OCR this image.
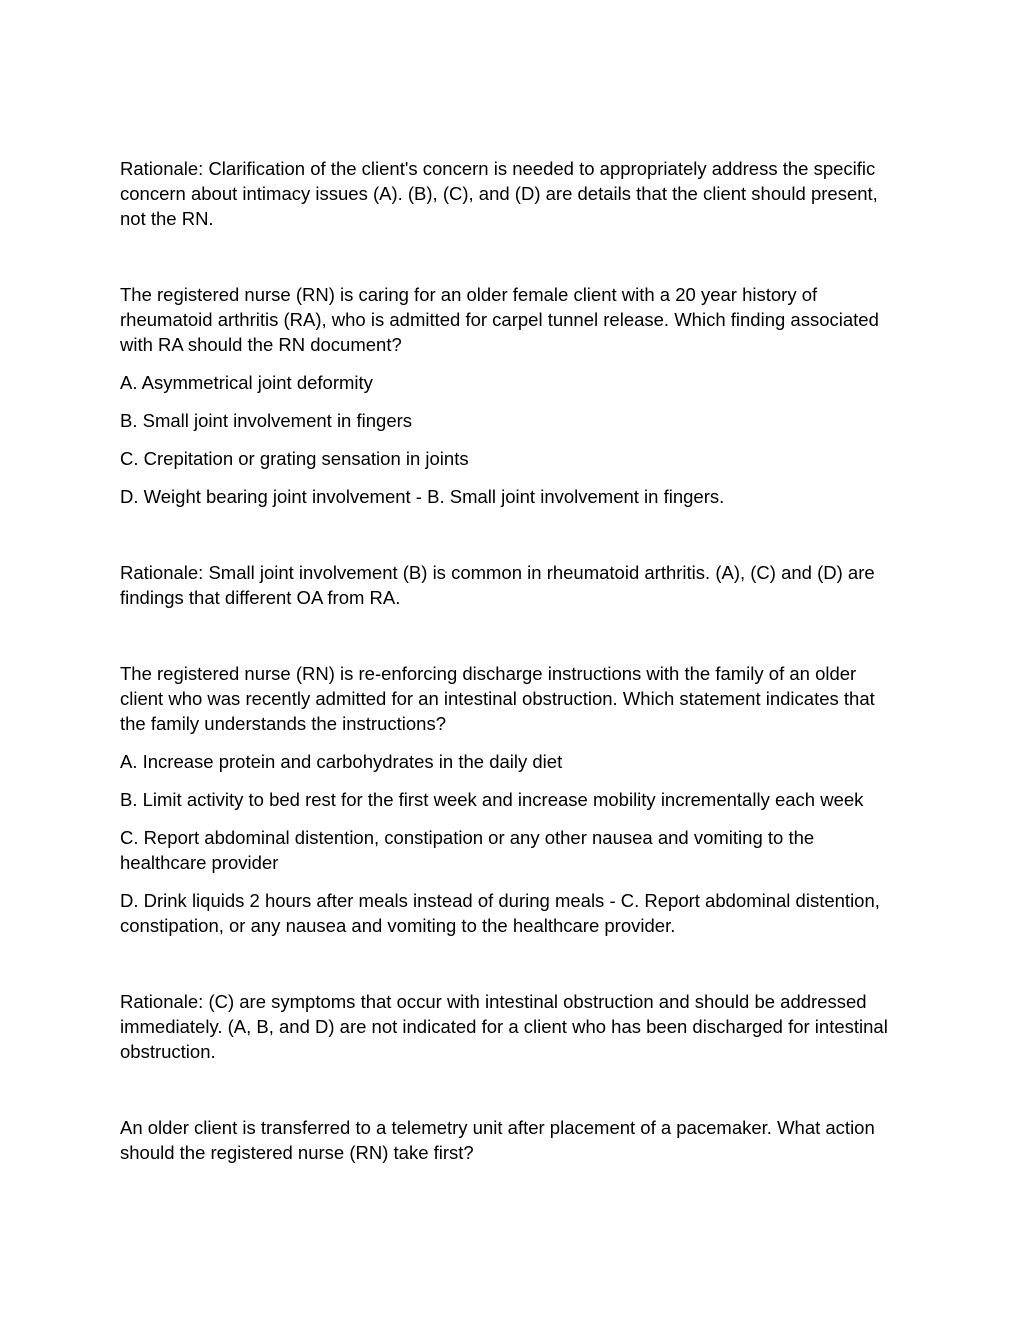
Rationale: Clarification of the client's concern is needed to appropriately address the specific concern about intimacy issues (A). (B), (C), and (D) are details that the client should present, not the RN.

The registered nurse (RN) is caring for an older female client with a 20 year history of rheumatoid arthritis (RA), who is admitted for carpel tunnel release. Which finding associated with RA should the RN document?

A. Asymmetrical joint deformity

B. Small joint involvement in fingers

C. Crepitation or grating sensation in joints

D. Weight bearing joint involvement - B. Small joint involvement in fingers.

Rationale: Small joint involvement (B) is common in rheumatoid arthritis. (A), (C) and (D) are findings that different OA from RA.

The registered nurse (RN) is re-enforcing discharge instructions with the family of an older client who was recently admitted for an intestinal obstruction. Which statement indicates that the family understands the instructions?

A. Increase protein and carbohydrates in the daily diet

B. Limit activity to bed rest for the first week and increase mobility incrementally each week

C. Report abdominal distention, constipation or any other nausea and vomiting to the healthcare provider

D. Drink liquids 2 hours after meals instead of during meals - C. Report abdominal distention, constipation, or any nausea and vomiting to the healthcare provider.

Rationale: (C) are symptoms that occur with intestinal obstruction and should be addressed immediately. (A, B, and D) are not indicated for a client who has been discharged for intestinal obstruction.

An older client is transferred to a telemetry unit after placement of a pacemaker. What action should the registered nurse (RN) take first?
